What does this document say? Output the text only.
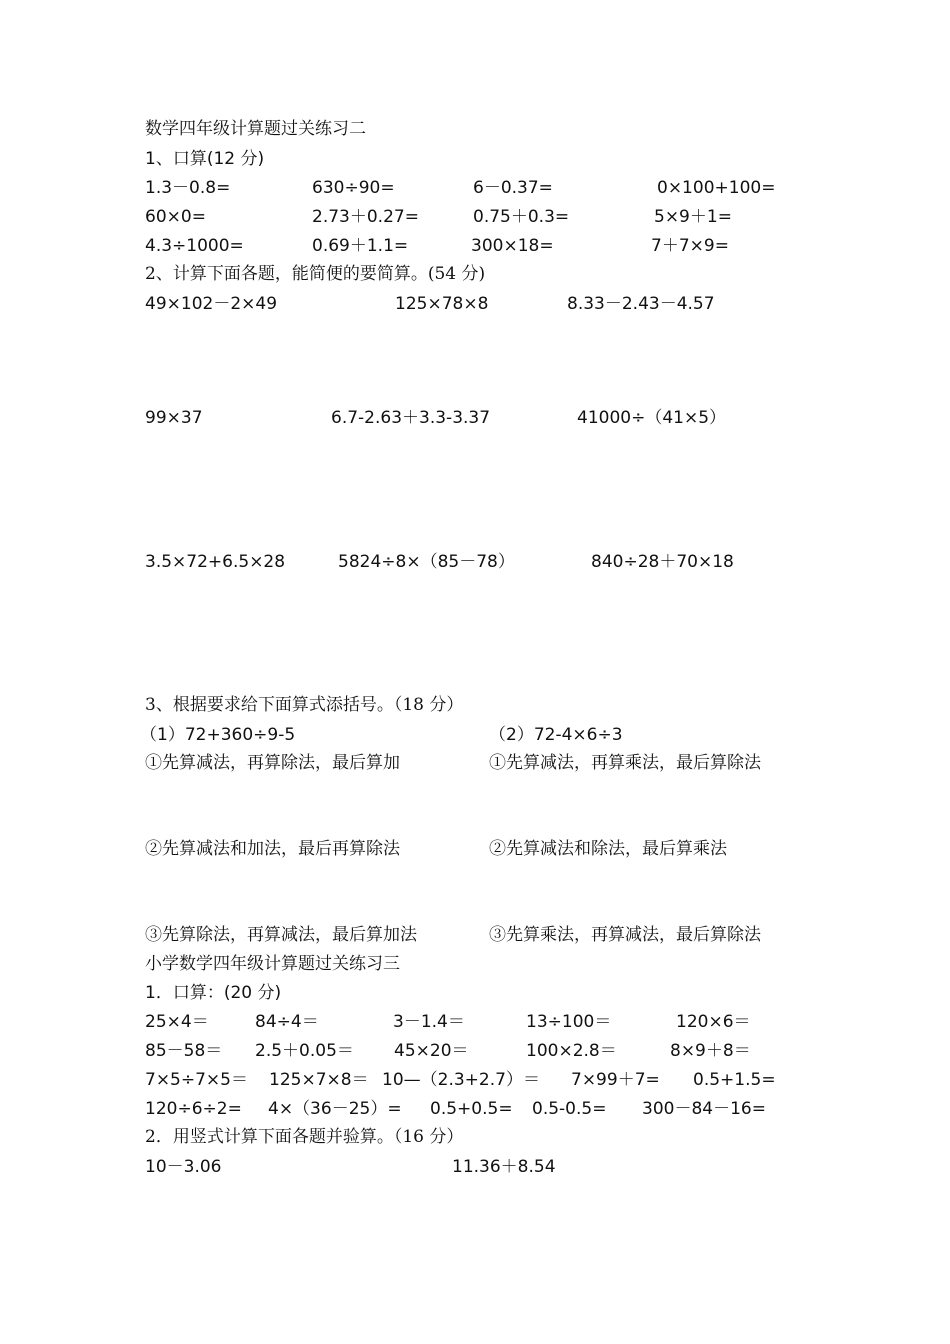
数学四年级计算题过关练习二
1、口算(12 分)
1.3－0.8=	630÷90=	6－0.37=	0×100+100=
60×0=	2.73＋0.27=	0.75＋0.3=	5×9＋1=
4.3÷1000=	0.69＋1.1=	300×18=	7＋7×9=
2、计算下面各题，能简便的要简算。(54 分)
49×102－2×49	125×78×8	8.33－2.43－4.57
99×37	6.7-2.63＋3.3-3.37	41000÷（41×5）
3.5×72+6.5×28	5824÷8×（85－78）	840÷28＋70×18
3、根据要求给下面算式添括号。（18 分）
（1）72+360÷9-5	（2）72-4×6÷3
①先算减法，再算除法，最后算加	①先算减法，再算乘法，最后算除法
②先算减法和加法，最后再算除法	②先算减法和除法，最后算乘法
③先算除法，再算减法，最后算加法	③先算乘法，再算减法，最后算除法
小学数学四年级计算题过关练习三
1．口算：(20 分)
25×4＝	84÷4＝	3－1.4＝	13÷100＝	120×6＝
85－58＝ 2.5＋0.05＝ 45×20＝	100×2.8＝	8×9＋8＝
7×5÷7×5＝ 125×7×8＝ 10—（2.3+2.7）＝ 7×99＋7= 0.5+1.5=
120÷6÷2= 4×（36－25）= 0.5+0.5= 0.5-0.5= 300－84－16=
2．用竖式计算下面各题并验算。（16 分）
10－3.06	11.36＋8.54
